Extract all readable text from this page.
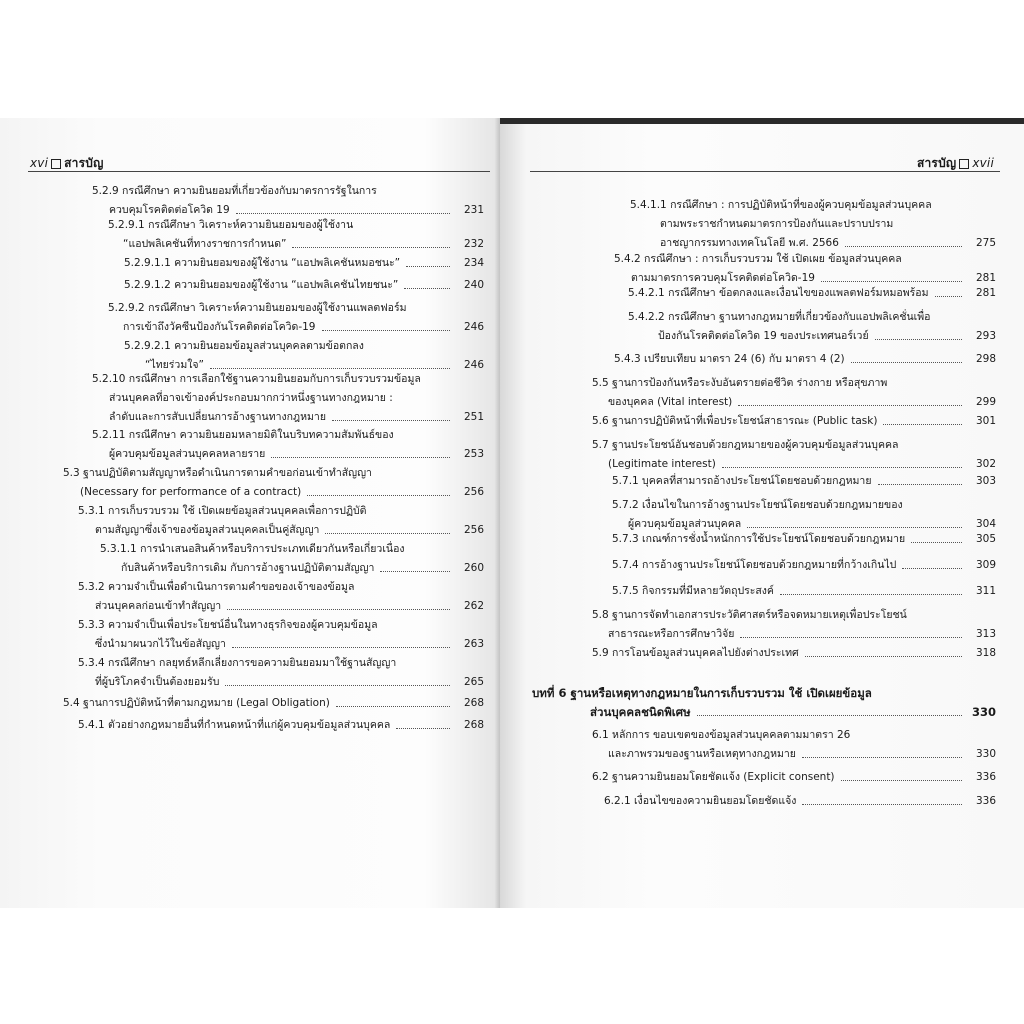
xvi สารบัญ
5.2.9 กรณีศึกษา ความยินยอมที่เกี่ยวข้องกับมาตรการรัฐในการ
ควบคุมโรคติดต่อโควิด 19	231
5.2.9.1 กรณีศึกษา วิเคราะห์ความยินยอมของผู้ใช้งาน
“แอปพลิเคชันที่ทางราชการกำหนด”	232
5.2.9.1.1 ความยินยอมของผู้ใช้งาน “แอปพลิเคชันหมอชนะ”	234
5.2.9.1.2 ความยินยอมของผู้ใช้งาน “แอปพลิเคชันไทยชนะ”	240
5.2.9.2 กรณีศึกษา วิเคราะห์ความยินยอมของผู้ใช้งานแพลตฟอร์ม
การเข้าถึงวัคซีนป้องกันโรคติดต่อโควิด-19	246
5.2.9.2.1 ความยินยอมข้อมูลส่วนบุคคลตามข้อตกลง
“ไทยร่วมใจ”	246
5.2.10 กรณีศึกษา การเลือกใช้ฐานความยินยอมกับการเก็บรวบรวมข้อมูล
ส่วนบุคคลที่อาจเข้าองค์ประกอบมากกว่าหนึ่งฐานทางกฎหมาย :
ลำดับและการสับเปลี่ยนการอ้างฐานทางกฎหมาย	251
5.2.11 กรณีศึกษา ความยินยอมหลายมิติในบริบทความสัมพันธ์ของ
ผู้ควบคุมข้อมูลส่วนบุคคลหลายราย	253
5.3 ฐานปฏิบัติตามสัญญาหรือดำเนินการตามคำขอก่อนเข้าทำสัญญา
(Necessary for performance of a contract)	256
5.3.1 การเก็บรวบรวม ใช้ เปิดเผยข้อมูลส่วนบุคคลเพื่อการปฏิบัติ
ตามสัญญาซึ่งเจ้าของข้อมูลส่วนบุคคลเป็นคู่สัญญา	256
5.3.1.1 การนำเสนอสินค้าหรือบริการประเภทเดียวกันหรือเกี่ยวเนื่อง
กับสินค้าหรือบริการเดิม กับการอ้างฐานปฏิบัติตามสัญญา	260
5.3.2 ความจำเป็นเพื่อดำเนินการตามคำขอของเจ้าของข้อมูล
ส่วนบุคคลก่อนเข้าทำสัญญา	262
5.3.3 ความจำเป็นเพื่อประโยชน์อื่นในทางธุรกิจของผู้ควบคุมข้อมูล
ซึ่งนำมาผนวกไว้ในข้อสัญญา	263
5.3.4 กรณีศึกษา กลยุทธ์หลีกเลี่ยงการขอความยินยอมมาใช้ฐานสัญญา
ที่ผู้บริโภคจำเป็นต้องยอมรับ	265
5.4 ฐานการปฏิบัติหน้าที่ตามกฎหมาย (Legal Obligation)	268
5.4.1 ตัวอย่างกฎหมายอื่นที่กำหนดหน้าที่แก่ผู้ควบคุมข้อมูลส่วนบุคคล	268
สารบัญ xvii
5.4.1.1 กรณีศึกษา : การปฏิบัติหน้าที่ของผู้ควบคุมข้อมูลส่วนบุคคล
ตามพระราชกำหนดมาตรการป้องกันและปราบปราม
อาชญากรรมทางเทคโนโลยี พ.ศ. 2566	275
5.4.2 กรณีศึกษา : การเก็บรวบรวม ใช้ เปิดเผย ข้อมูลส่วนบุคคล
ตามมาตรการควบคุมโรคติดต่อโควิด-19	281
5.4.2.1 กรณีศึกษา ข้อตกลงและเงื่อนไขของแพลตฟอร์มหมอพร้อม	281
5.4.2.2 กรณีศึกษา ฐานทางกฎหมายที่เกี่ยวข้องกับแอปพลิเคชั่นเพื่อ
ป้องกันโรคติดต่อโควิด 19 ของประเทศนอร์เวย์	293
5.4.3 เปรียบเทียบ มาตรา 24 (6) กับ มาตรา 4 (2)	298
5.5 ฐานการป้องกันหรือระงับอันตรายต่อชีวิต ร่างกาย หรือสุขภาพ
ของบุคคล (Vital interest)	299
5.6 ฐานการปฏิบัติหน้าที่เพื่อประโยชน์สาธารณะ (Public task)	301
5.7 ฐานประโยชน์อันชอบด้วยกฎหมายของผู้ควบคุมข้อมูลส่วนบุคคล
(Legitimate interest)	302
5.7.1 บุคคลที่สามารถอ้างประโยชน์โดยชอบด้วยกฎหมาย	303
5.7.2 เงื่อนไขในการอ้างฐานประโยชน์โดยชอบด้วยกฎหมายของ
ผู้ควบคุมข้อมูลส่วนบุคคล	304
5.7.3 เกณฑ์การชั่งน้ำหนักการใช้ประโยชน์โดยชอบด้วยกฎหมาย	305
5.7.4 การอ้างฐานประโยชน์โดยชอบด้วยกฎหมายที่กว้างเกินไป	309
5.7.5 กิจกรรมที่มีหลายวัตถุประสงค์	311
5.8 ฐานการจัดทำเอกสารประวัติศาสตร์หรือจดหมายเหตุเพื่อประโยชน์
สาธารณะหรือการศึกษาวิจัย	313
5.9 การโอนข้อมูลส่วนบุคคลไปยังต่างประเทศ	318
บทที่ 6 ฐานหรือเหตุทางกฎหมายในการเก็บรวบรวม ใช้ เปิดเผยข้อมูล
ส่วนบุคคลชนิดพิเศษ	330
6.1 หลักการ ขอบเขตของข้อมูลส่วนบุคคลตามมาตรา 26
และภาพรวมของฐานหรือเหตุทางกฎหมาย	330
6.2 ฐานความยินยอมโดยชัดแจ้ง (Explicit consent)	336
6.2.1 เงื่อนไขของความยินยอมโดยชัดแจ้ง	336
